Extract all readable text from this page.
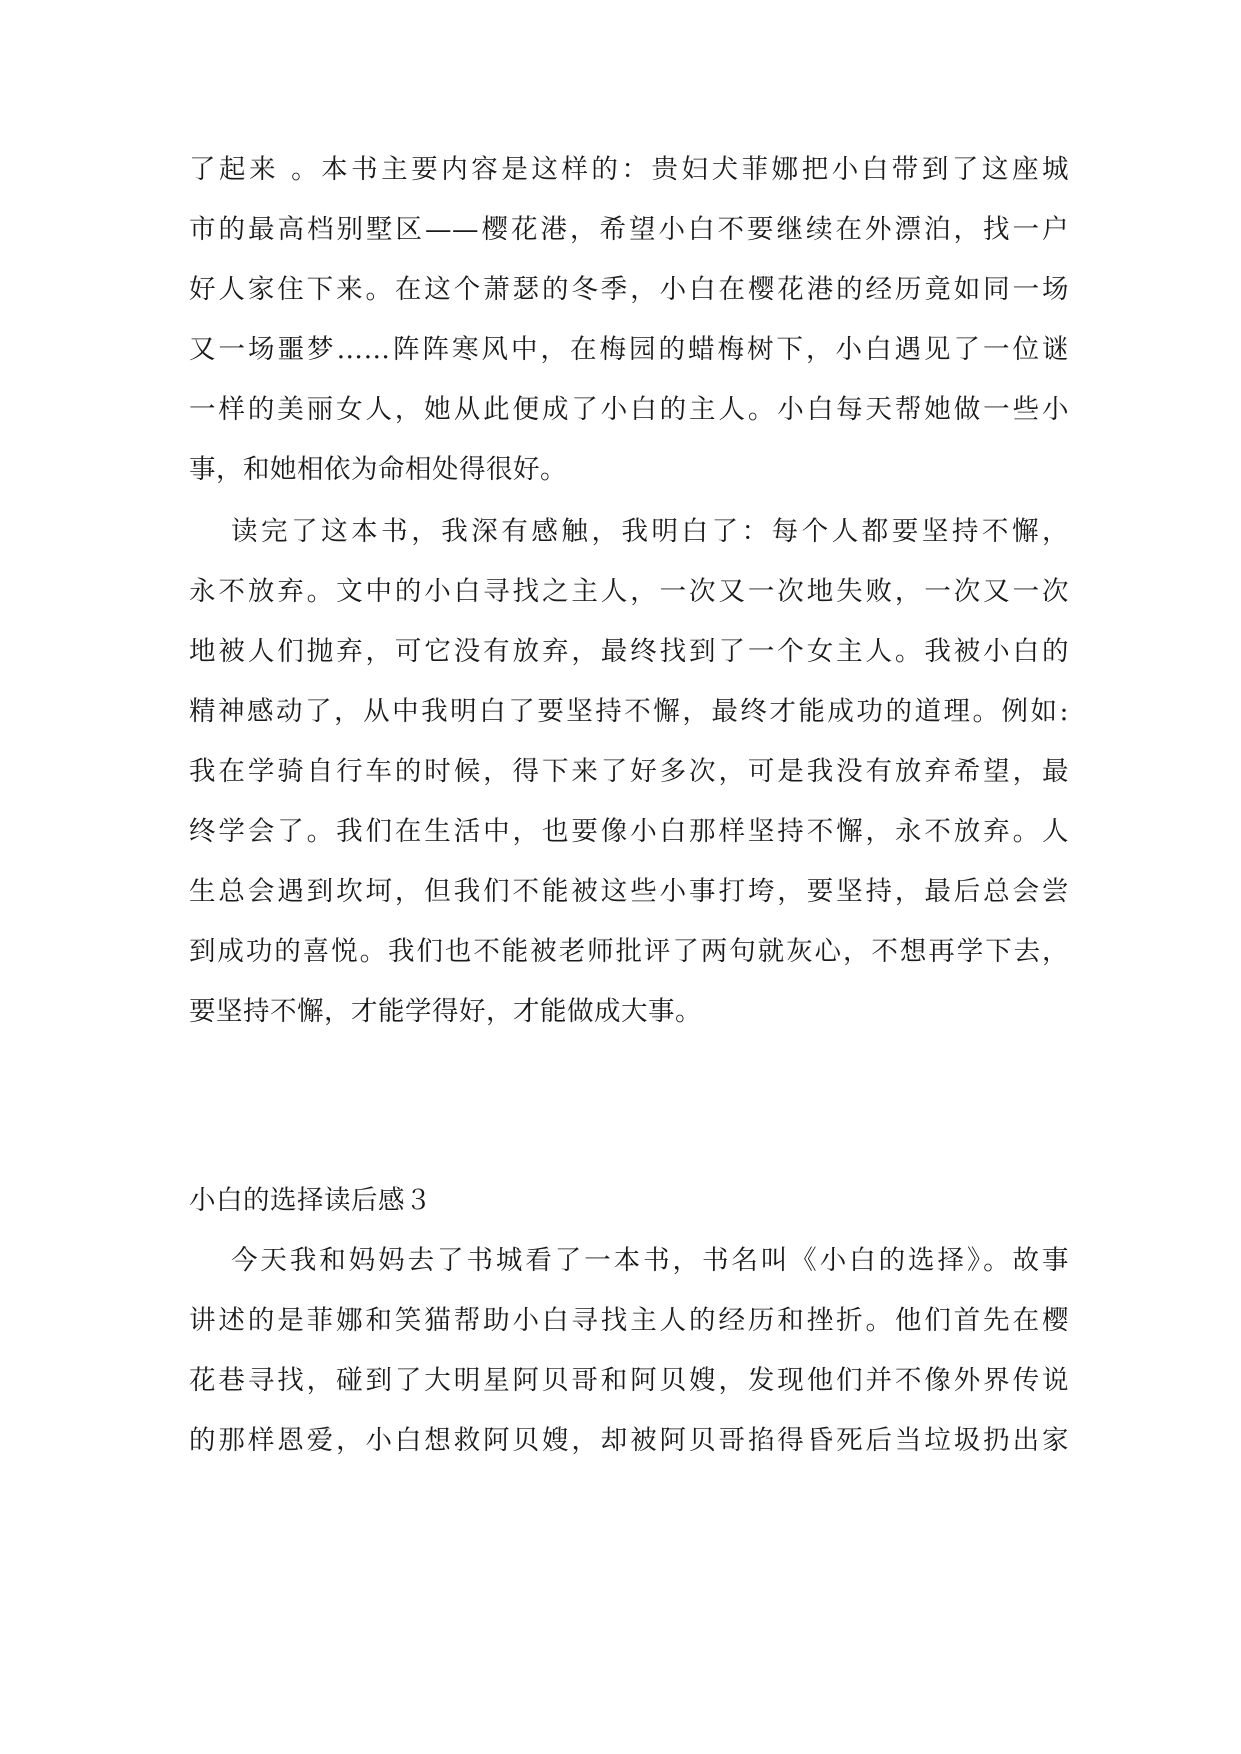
了起来 。本书主要内容是这样的：贵妇犬菲娜把小白带到了这座城
市的最高档别墅区——樱花港，希望小白不要继续在外漂泊，找一户
好人家住下来。在这个萧瑟的冬季，小白在樱花港的经历竟如同一场
又一场噩梦……阵阵寒风中，在梅园的蜡梅树下，小白遇见了一位谜
一样的美丽女人，她从此便成了小白的主人。小白每天帮她做一些小
事，和她相依为命相处得很好。
读完了这本书，我深有感触，我明白了：每个人都要坚持不懈，
永不放弃。文中的小白寻找之主人，一次又一次地失败，一次又一次
地被人们抛弃，可它没有放弃，最终找到了一个女主人。我被小白的
精神感动了，从中我明白了要坚持不懈，最终才能成功的道理。例如:
我在学骑自行车的时候，得下来了好多次，可是我没有放弃希望，最
终学会了。我们在生活中，也要像小白那样坚持不懈，永不放弃。人
生总会遇到坎坷，但我们不能被这些小事打垮，要坚持，最后总会尝
到成功的喜悦。我们也不能被老师批评了两句就灰心，不想再学下去，
要坚持不懈，才能学得好，才能做成大事。
小白的选择读后感３
今天我和妈妈去了书城看了一本书，书名叫《小白的选择》。故事
讲述的是菲娜和笑猫帮助小白寻找主人的经历和挫折。他们首先在樱
花巷寻找，碰到了大明星阿贝哥和阿贝嫂，发现他们并不像外界传说
的那样恩爱，小白想救阿贝嫂，却被阿贝哥掐得昏死后当垃圾扔出家
